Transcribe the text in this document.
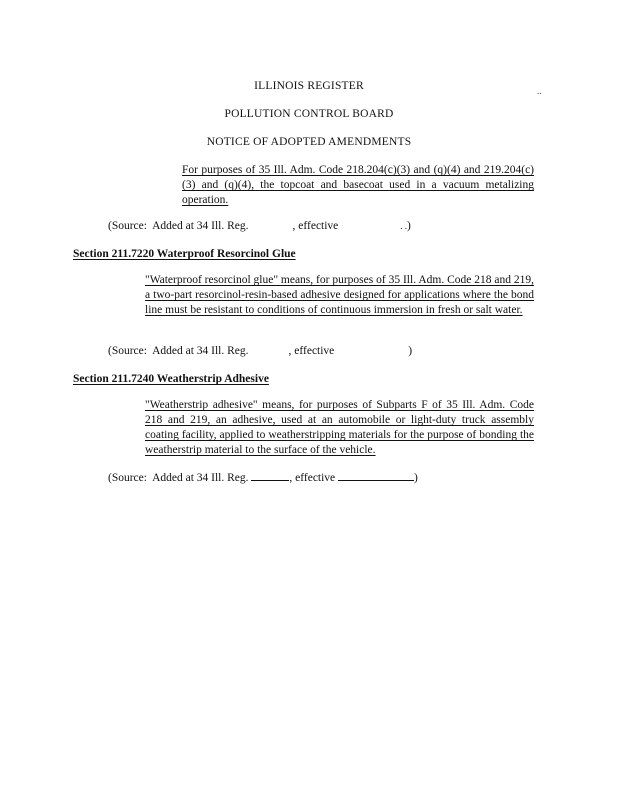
ILLINOIS REGISTER	..
POLLUTION CONTROL BOARD
NOTICE OF ADOPTED AMENDMENTS
For purposes of 35 Ill. Adm. Code 218.204(c)(3) and (q)(4) and 219.204(c)(3) and (q)(4), the topcoat and basecoat used in a vacuum metalizing operation.
(Source:  Added at 34 Ill. Reg.	, effective	. .)
Section 211.7220 Waterproof Resorcinol Glue
"Waterproof resorcinol glue" means, for purposes of 35 Ill. Adm. Code 218 and 219, a two-part resorcinol-resin-based adhesive designed for applications where the bond line must be resistant to conditions of continuous immersion in fresh or salt water.
(Source:  Added at 34 Ill. Reg.	, effective	)
Section 211.7240 Weatherstrip Adhesive
"Weatherstrip adhesive" means, for purposes of Subparts F of 35 Ill. Adm. Code 218 and 219, an adhesive, used at an automobile or light-duty truck assembly coating facility, applied to weatherstripping materials for the purpose of bonding the weatherstrip material to the surface of the vehicle.
(Source:  Added at 34 Ill. Reg.	, effective	)
